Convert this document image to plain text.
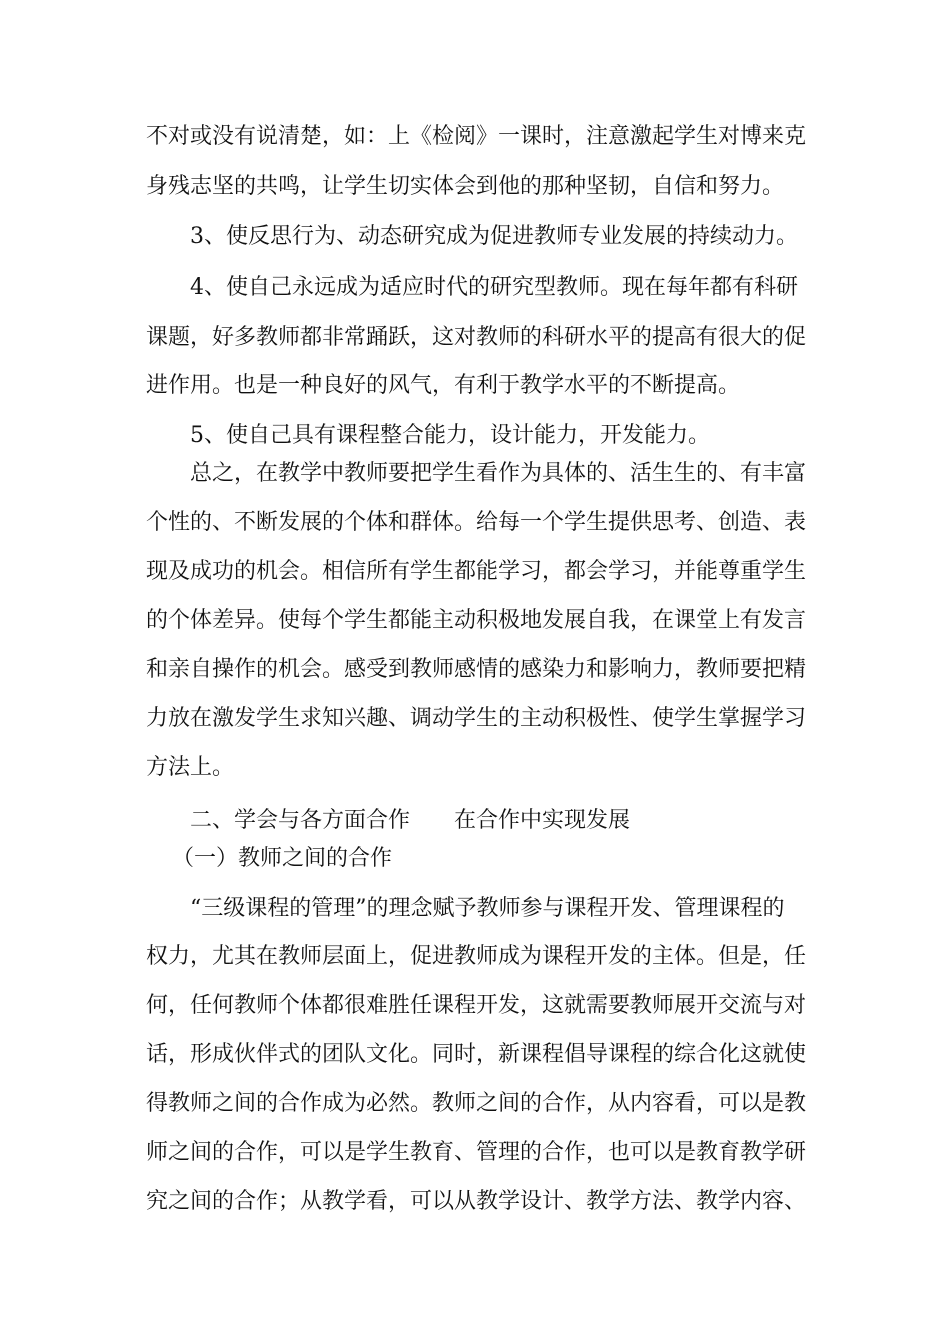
不对或没有说清楚，如：上《检阅》一课时，注意激起学生对博来克
身残志坚的共鸣，让学生切实体会到他的那种坚韧，自信和努力。
3、使反思行为、动态研究成为促进教师专业发展的持续动力。
4、使自己永远成为适应时代的研究型教师。现在每年都有科研
课题，好多教师都非常踊跃，这对教师的科研水平的提高有很大的促
进作用。也是一种良好的风气，有利于教学水平的不断提高。
5、使自己具有课程整合能力，设计能力，开发能力。
总之，在教学中教师要把学生看作为具体的、活生生的、有丰富
个性的、不断发展的个体和群体。给每一个学生提供思考、创造、表
现及成功的机会。相信所有学生都能学习，都会学习，并能尊重学生
的个体差异。使每个学生都能主动积极地发展自我，在课堂上有发言
和亲自操作的机会。感受到教师感情的感染力和影响力，教师要把精
力放在激发学生求知兴趣、调动学生的主动积极性、使学生掌握学习
方法上。
二、学会与各方面合作　　在合作中实现发展
（一）教师之间的合作
“三级课程的管理”的理念赋予教师参与课程开发、管理课程的
权力，尤其在教师层面上，促进教师成为课程开发的主体。但是，任
何，任何教师个体都很难胜任课程开发，这就需要教师展开交流与对
话，形成伙伴式的团队文化。同时，新课程倡导课程的综合化这就使
得教师之间的合作成为必然。教师之间的合作，从内容看，可以是教
师之间的合作，可以是学生教育、管理的合作，也可以是教育教学研
究之间的合作；从教学看，可以从教学设计、教学方法、教学内容、
